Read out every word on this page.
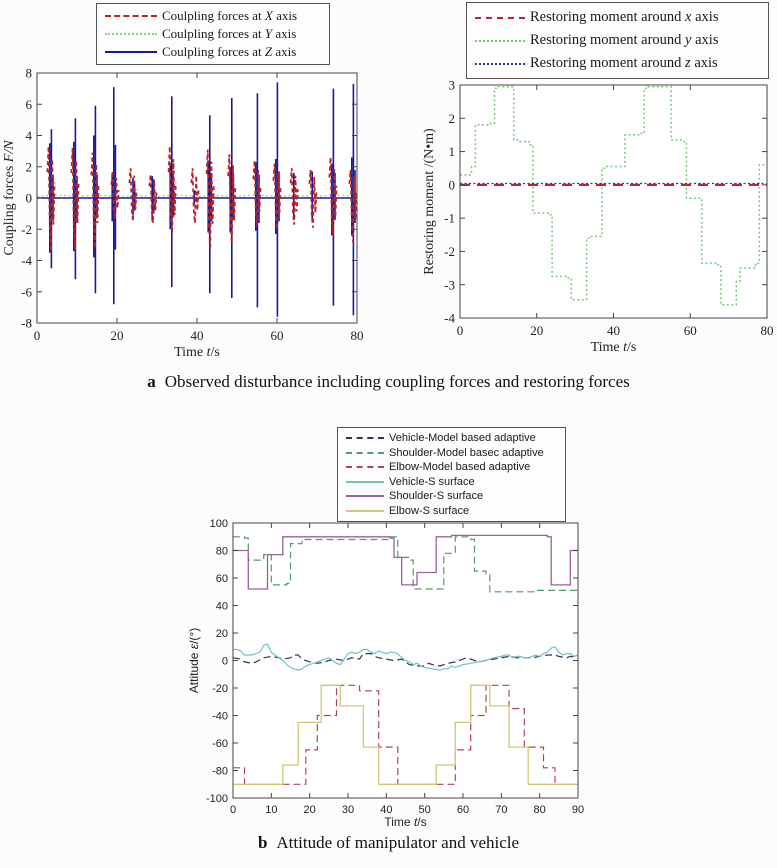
Coulpling forces at X axis
Coulpling forces at Y axis
Coulpling forces at Z axis
Restoring moment around x axis
Restoring moment around y axis
Restoring moment around z axis
0	20	40	60	80
-8
-6
-4
-2
0
2
4
6
8
Time t/s
Coupling forces F/N
0	20	40	60	80
-4
-3
-2
-1
0
1
2
3
Time t/s
Restoring moment /(N•m)
a Observed disturbance including coupling forces and restoring forces
Vehicle-Model based adaptive
Shoulder-Model basec adaptive
Elbow-Model based adaptive
Vehicle-S surface
Shoulder-S surface
Elbow-S surface
0	10 20 30 40 50 60 70 80 90
-100
-80
-60
-40
-20
0
20
40
60
80
100
Time t/s
Attitude ε/(°)
b Attitude of manipulator and vehicle
